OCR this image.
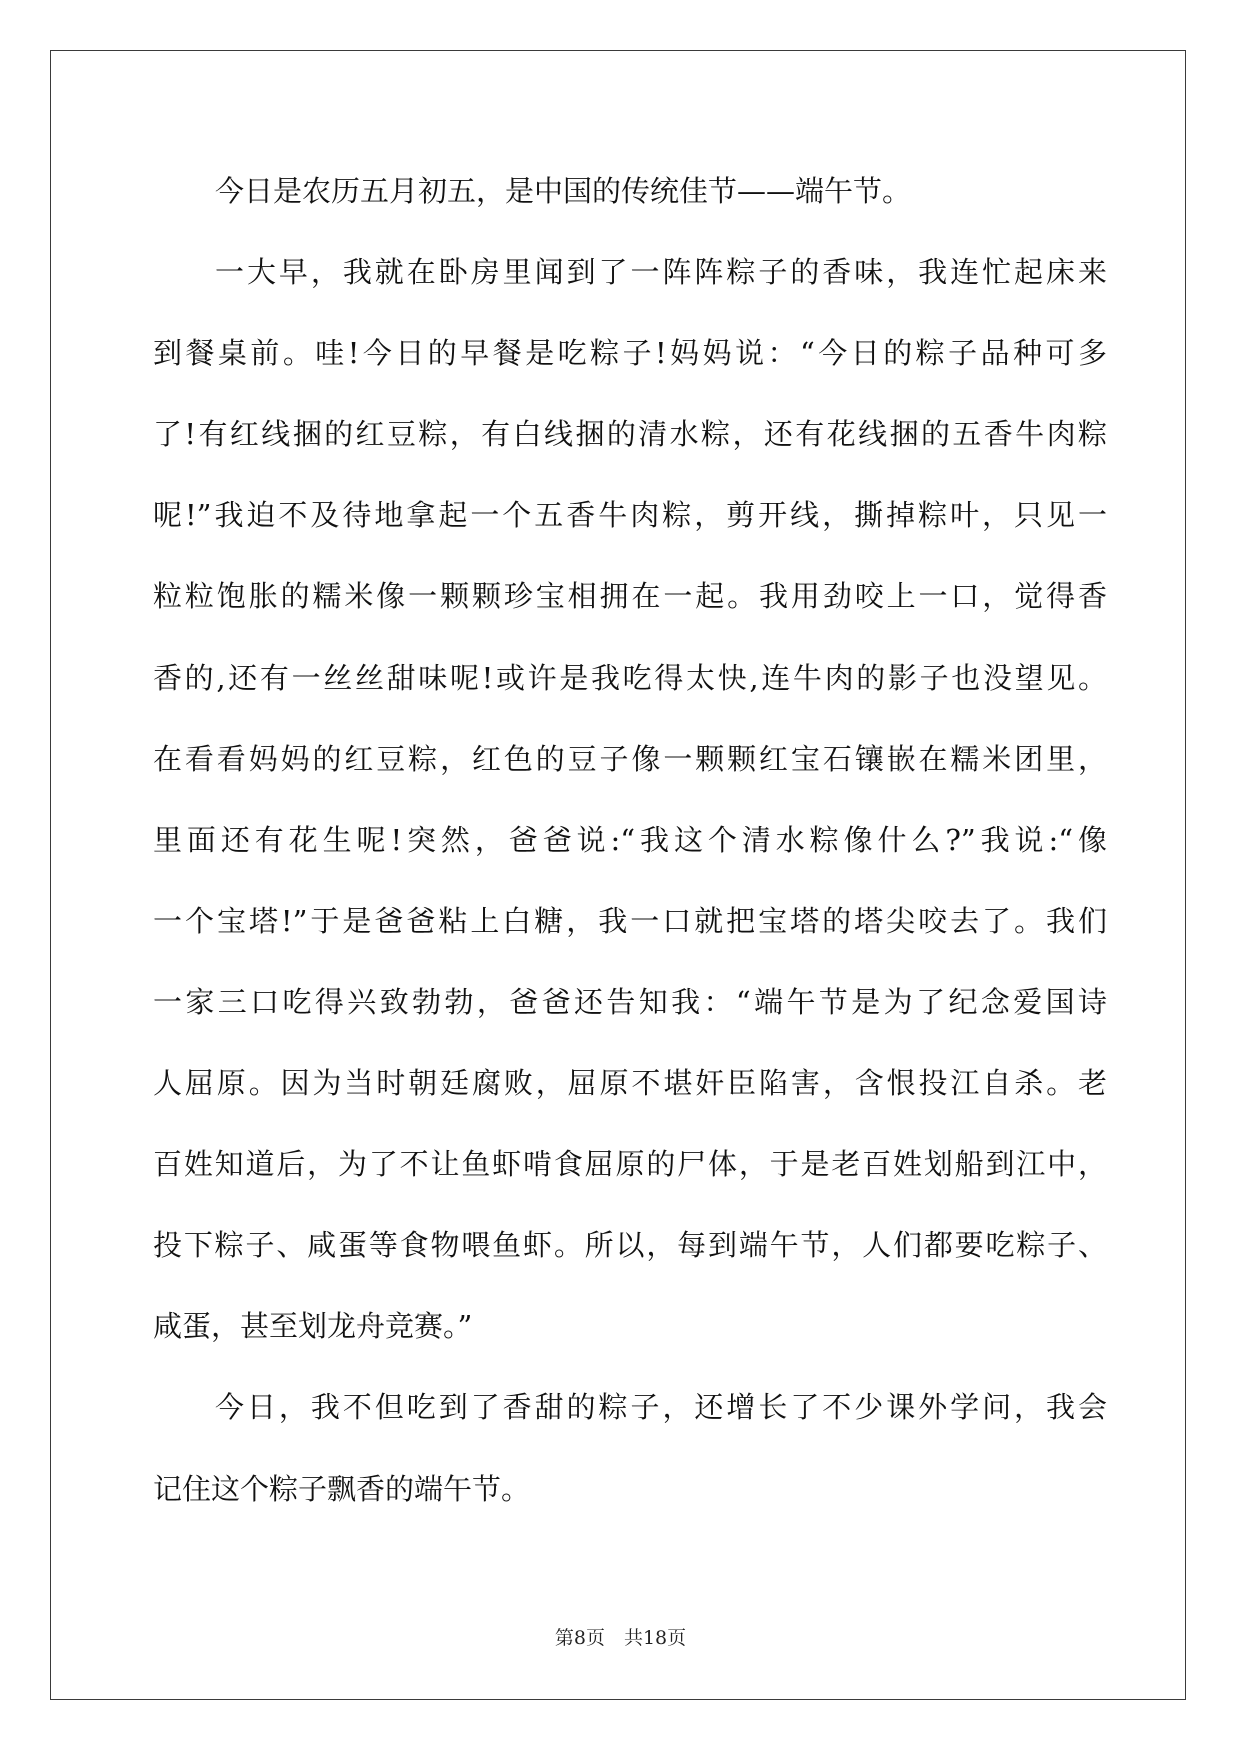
今日是农历五月初五，是中国的传统佳节——端午节。
一大早，我就在卧房里闻到了一阵阵粽子的香味，我连忙起床来
到餐桌前。哇!今日的早餐是吃粽子!妈妈说：“今日的粽子品种可多
了!有红线捆的红豆粽，有白线捆的清水粽，还有花线捆的五香牛肉粽
呢!”我迫不及待地拿起一个五香牛肉粽，剪开线，撕掉粽叶，只见一
粒粒饱胀的糯米像一颗颗珍宝相拥在一起。我用劲咬上一口，觉得香
香的,还有一丝丝甜味呢!或许是我吃得太快,连牛肉的影子也没望见。
在看看妈妈的红豆粽，红色的豆子像一颗颗红宝石镶嵌在糯米团里，
里面还有花生呢!突然，爸爸说:“我这个清水粽像什么?”我说:“像
一个宝塔!”于是爸爸粘上白糖，我一口就把宝塔的塔尖咬去了。我们
一家三口吃得兴致勃勃，爸爸还告知我：“端午节是为了纪念爱国诗
人屈原。因为当时朝廷腐败，屈原不堪奸臣陷害，含恨投江自杀。老
百姓知道后，为了不让鱼虾啃食屈原的尸体，于是老百姓划船到江中，
投下粽子、咸蛋等食物喂鱼虾。所以，每到端午节，人们都要吃粽子、
咸蛋，甚至划龙舟竞赛。”
今日，我不但吃到了香甜的粽子，还增长了不少课外学问，我会
记住这个粽子飘香的端午节。
第8页　共18页
